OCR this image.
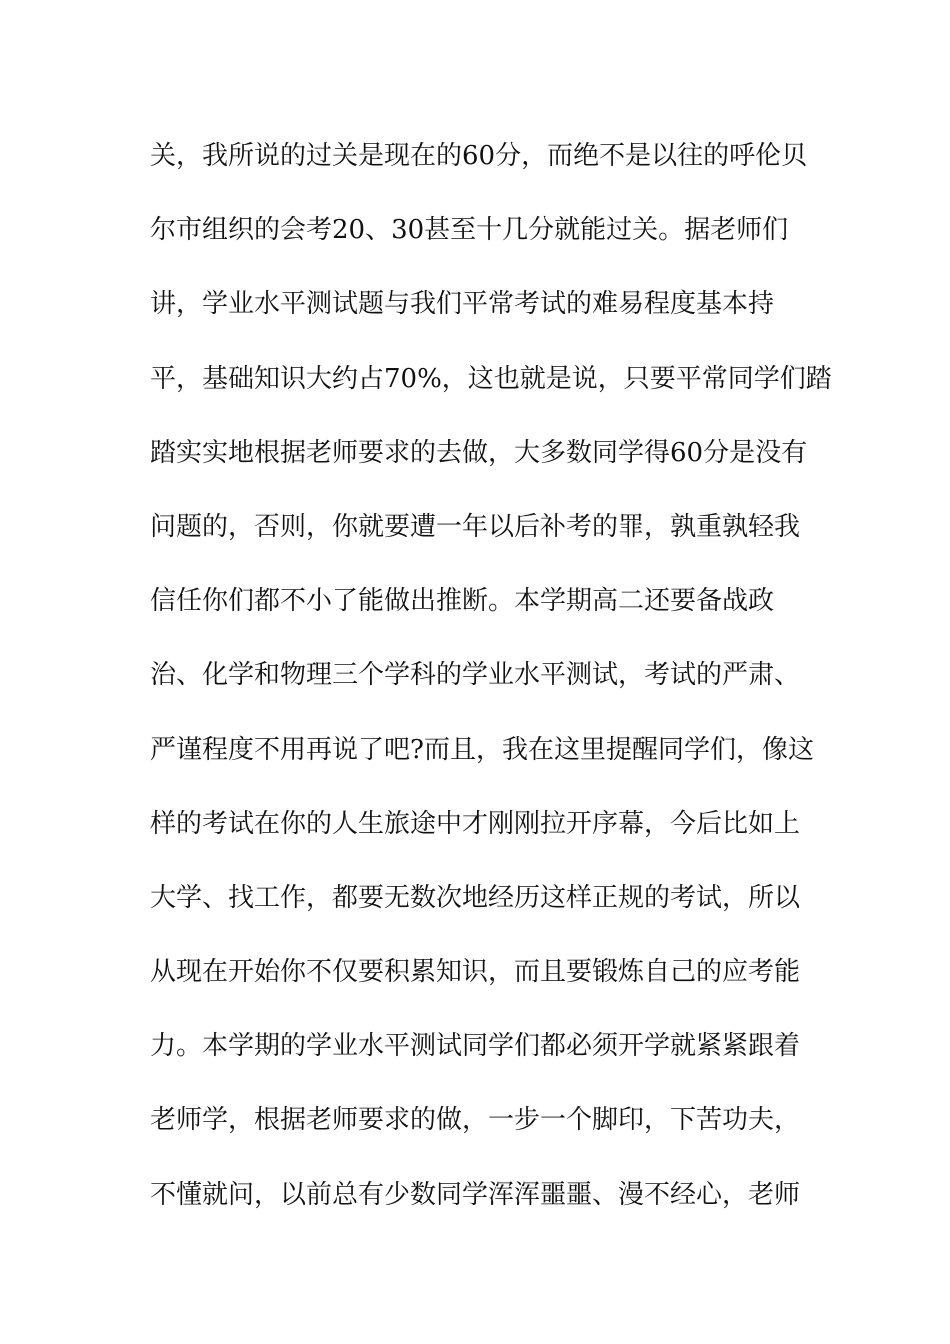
关，我所说的过关是现在的60分，而绝不是以往的呼伦贝
尔市组织的会考20、30甚至十几分就能过关。据老师们
讲，学业水平测试题与我们平常考试的难易程度基本持
平，基础知识大约占70%，这也就是说，只要平常同学们踏
踏实实地根据老师要求的去做，大多数同学得60分是没有
问题的，否则，你就要遭一年以后补考的罪，孰重孰轻我
信任你们都不小了能做出推断。本学期高二还要备战政
治、化学和物理三个学科的学业水平测试，考试的严肃、
严谨程度不用再说了吧?而且，我在这里提醒同学们，像这
样的考试在你的人生旅途中才刚刚拉开序幕，今后比如上
大学、找工作，都要无数次地经历这样正规的考试，所以
从现在开始你不仅要积累知识，而且要锻炼自己的应考能
力。本学期的学业水平测试同学们都必须开学就紧紧跟着
老师学，根据老师要求的做，一步一个脚印，下苦功夫，
不懂就问，以前总有少数同学浑浑噩噩、漫不经心，老师
